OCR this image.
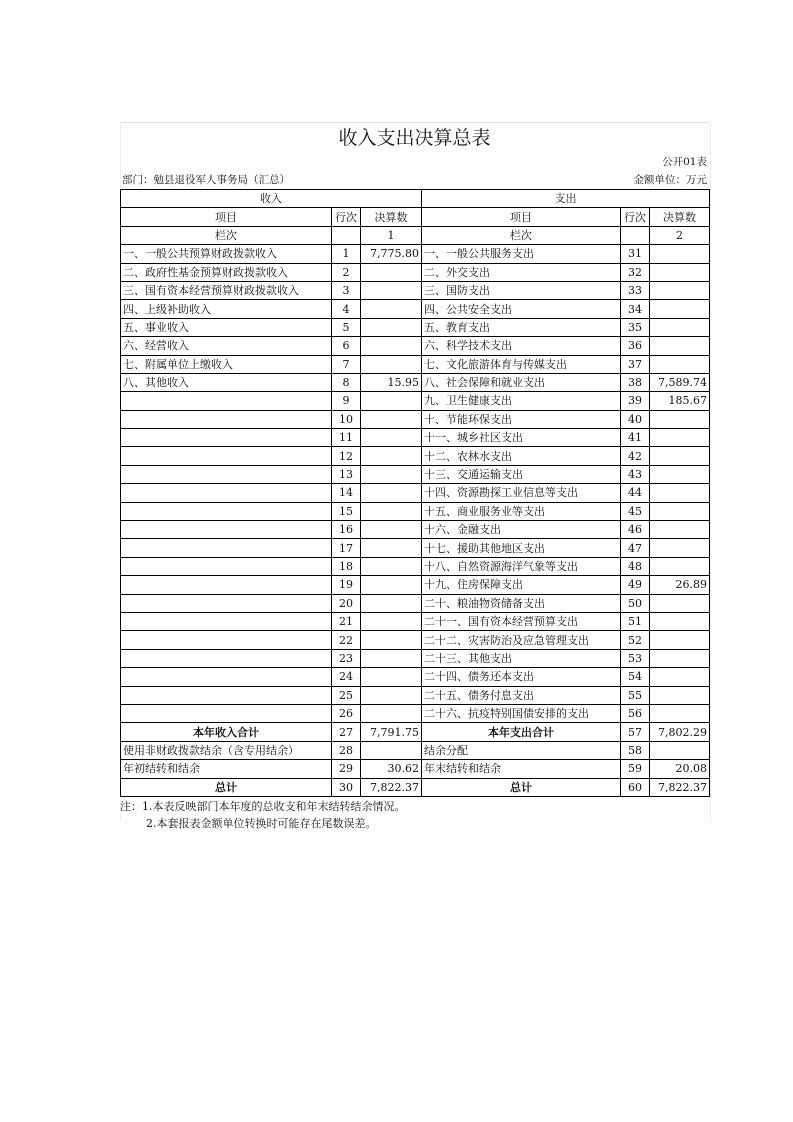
收入支出决算总表
公开01表
部门：勉县退役军人事务局（汇总）	金额单位：万元
收入			支出		
项目	行次	决算数	项目	行次	决算数
栏次		1	栏次		2
一、一般公共预算财政拨款收入	1	7,775.80	一、一般公共服务支出	31	
二、政府性基金预算财政拨款收入	2		二、外交支出	32	
三、国有资本经营预算财政拨款收入	3		三、国防支出	33	
四、上级补助收入	4		四、公共安全支出	34	
五、事业收入	5		五、教育支出	35	
六、经营收入	6		六、科学技术支出	36	
七、附属单位上缴收入	7		七、文化旅游体育与传媒支出	37	
八、其他收入	8	15.95	八、社会保障和就业支出	38	7,589.74
	9		九、卫生健康支出	39	185.67
	10		十、节能环保支出	40	
	11		十一、城乡社区支出	41	
	12		十二、农林水支出	42	
	13		十三、交通运输支出	43	
	14		十四、资源勘探工业信息等支出	44	
	15		十五、商业服务业等支出	45	
	16		十六、金融支出	46	
	17		十七、援助其他地区支出	47	
	18		十八、自然资源海洋气象等支出	48	
	19		十九、住房保障支出	49	26.89
	20		二十、粮油物资储备支出	50	
	21		二十一、国有资本经营预算支出	51	
	22		二十二、灾害防治及应急管理支出	52	
	23		二十三、其他支出	53	
	24		二十四、债务还本支出	54	
	25		二十五、债务付息支出	55	
	26		二十六、抗疫特别国债安排的支出	56	
本年收入合计	27	7,791.75	本年支出合计	57	7,802.29
使用非财政拨款结余（含专用结余）	28		结余分配	58	
年初结转和结余	29	30.62	年末结转和结余	59	20.08
总计	30	7,822.37	总计	60	7,822.37
注：1.本表反映部门本年度的总收支和年末结转结余情况。
2.本套报表金额单位转换时可能存在尾数误差。
